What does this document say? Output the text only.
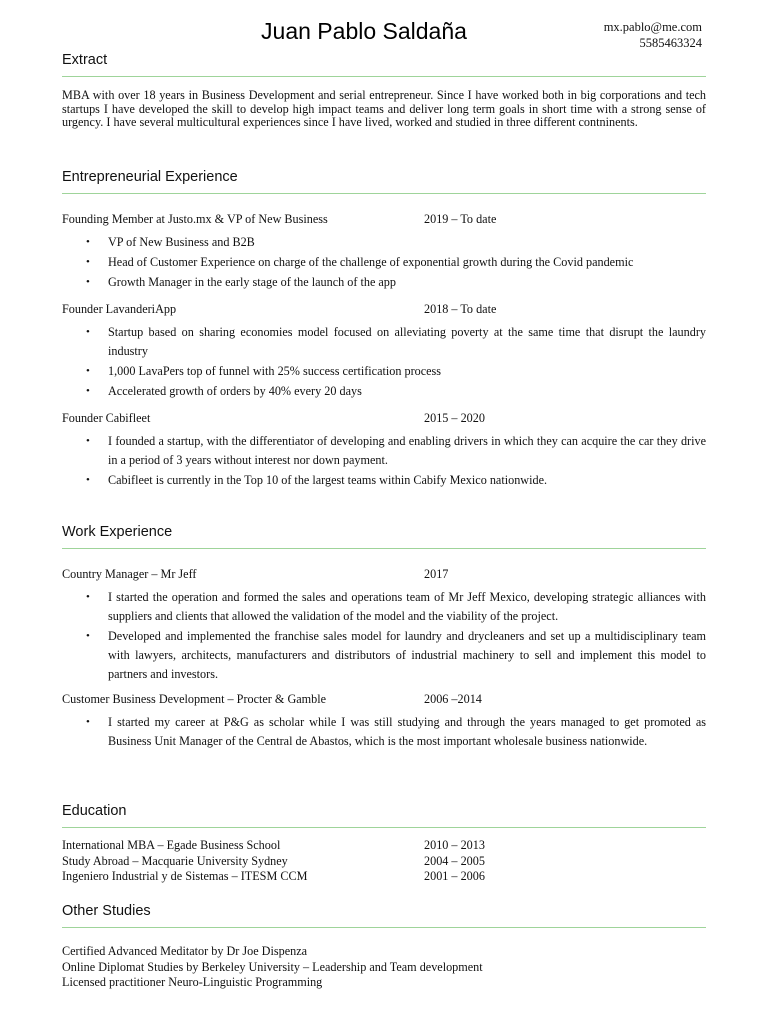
Juan Pablo Saldaña	mx.pablo@me.com
5585463324
Extract
MBA with over 18 years in Business Development and serial entrepreneur. Since I have worked both in big corporations and tech startups I have developed the skill to develop high impact teams and deliver long term goals in short time with a strong sense of urgency. I have several multicultural experiences since I have lived, worked and studied in three different contninents.
Entrepreneurial Experience
Founding Member at Justo.mx & VP of New Business	2019 – To date
• VP of New Business and B2B
• Head of Customer Experience on charge of the challenge of exponential growth during the Covid pandemic
• Growth Manager in the early stage of the launch of the app
Founder LavanderiApp	2018 – To date
• Startup based on sharing economies model focused on alleviating poverty at the same time that disrupt the laundry industry
• 1,000 LavaPers top of funnel with 25% success certification process
• Accelerated growth of orders by 40% every 20 days
Founder Cabifleet	2015 – 2020
• I founded a startup, with the differentiator of developing and enabling drivers in which they can acquire the car they drive in a period of 3 years without interest nor down payment.
• Cabifleet is currently in the Top 10 of the largest teams within Cabify Mexico nationwide.
Work Experience
Country Manager – Mr Jeff	2017
• I started the operation and formed the sales and operations team of Mr Jeff Mexico, developing strategic alliances with suppliers and clients that allowed the validation of the model and the viability of the project.
• Developed and implemented the franchise sales model for laundry and drycleaners and set up a multidisciplinary team with lawyers, architects, manufacturers and distributors of industrial machinery to sell and implement this model to partners and investors.
Customer Business Development – Procter & Gamble	2006 –2014
• I started my career at P&G as scholar while I was still studying and through the years managed to get promoted as Business Unit Manager of the Central de Abastos, which is the most important wholesale business nationwide.
Education
International MBA – Egade Business School	2010 – 2013
Study Abroad – Macquarie University Sydney	2004 – 2005
Ingeniero Industrial y de Sistemas – ITESM CCM	2001 – 2006
Other Studies
Certified Advanced Meditator by Dr Joe Dispenza
Online Diplomat Studies by Berkeley University – Leadership and Team development
Licensed practitioner Neuro-Linguistic Programming
